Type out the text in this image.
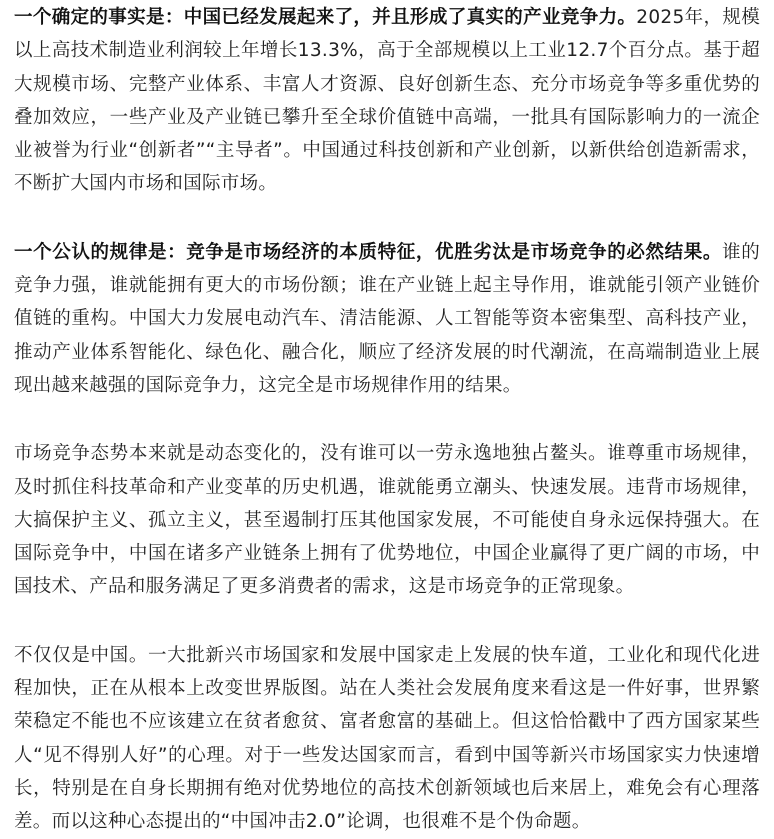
一个确定的事实是：中国已经发展起来了，并且形成了真实的产业竞争力。2025年，规模以上高技术制造业利润较上年增长13.3%，高于全部规模以上工业12.7个百分点。基于超大规模市场、完整产业体系、丰富人才资源、良好创新生态、充分市场竞争等多重优势的叠加效应，一些产业及产业链已攀升至全球价值链中高端，一批具有国际影响力的一流企业被誉为行业“创新者”“主导者”。中国通过科技创新和产业创新，以新供给创造新需求，不断扩大国内市场和国际市场。

一个公认的规律是：竞争是市场经济的本质特征，优胜劣汰是市场竞争的必然结果。谁的竞争力强，谁就能拥有更大的市场份额；谁在产业链上起主导作用，谁就能引领产业链价值链的重构。中国大力发展电动汽车、清洁能源、人工智能等资本密集型、高科技产业，推动产业体系智能化、绿色化、融合化，顺应了经济发展的时代潮流，在高端制造业上展现出越来越强的国际竞争力，这完全是市场规律作用的结果。

市场竞争态势本来就是动态变化的，没有谁可以一劳永逸地独占鳌头。谁尊重市场规律，及时抓住科技革命和产业变革的历史机遇，谁就能勇立潮头、快速发展。违背市场规律，大搞保护主义、孤立主义，甚至遏制打压其他国家发展，不可能使自身永远保持强大。在国际竞争中，中国在诸多产业链条上拥有了优势地位，中国企业赢得了更广阔的市场，中国技术、产品和服务满足了更多消费者的需求，这是市场竞争的正常现象。

不仅仅是中国。一大批新兴市场国家和发展中国家走上发展的快车道，工业化和现代化进程加快，正在从根本上改变世界版图。站在人类社会发展角度来看这是一件好事，世界繁荣稳定不能也不应该建立在贫者愈贫、富者愈富的基础上。但这恰恰戳中了西方国家某些人“见不得别人好”的心理。对于一些发达国家而言，看到中国等新兴市场国家实力快速增长，特别是在自身长期拥有绝对优势地位的高技术创新领域也后来居上，难免会有心理落差。而以这种心态提出的“中国冲击2.0”论调，也很难不是个伪命题。
